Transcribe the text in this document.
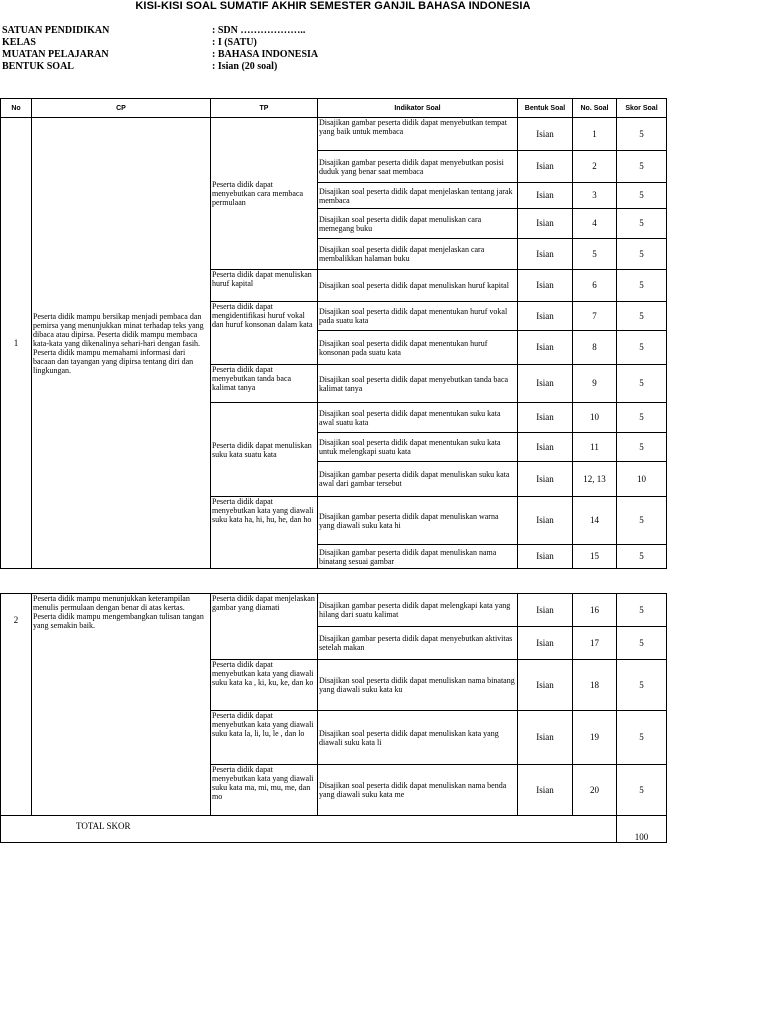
KISI-KISI SOAL SUMATIF AKHIR SEMESTER GANJIL BAHASA INDONESIA
SATUAN PENDIDIKAN	: SDN ………………..
KELAS	: I (SATU)
MUATAN PELAJARAN	: BAHASA INDONESIA
BENTUK SOAL	: Isian (20 soal)
No	CP	TP	Indikator Soal	Bentuk Soal	No. Soal	Skor Soal
1	Peserta didik mampu bersikap menjadi pembaca dan pemirsa yang menunjukkan minat terhadap teks yang dibaca atau dipirsa. Peserta didik mampu membaca kata-kata yang dikenalinya sehari-hari dengan fasih. Peserta didik mampu memahami informasi dari bacaan dan tayangan yang dipirsa tentang diri dan lingkungan.	Peserta didik dapat menyebutkan cara membaca permulaan	Disajikan gambar peserta didik dapat menyebutkan tempat yang baik untuk membaca	Isian	1	5
			Disajikan gambar peserta didik dapat menyebutkan posisi duduk yang benar saat membaca	Isian	2	5
			Disajikan soal peserta didik dapat menjelaskan tentang jarak membaca	Isian	3	5
			Disajikan soal peserta didik dapat menuliskan cara memegang buku	Isian	4	5
			Disajikan soal peserta didik dapat menjelaskan cara membalikkan halaman buku	Isian	5	5
		Peserta didik dapat menuliskan huruf kapital	Disajikan soal peserta didik dapat menuliskan huruf kapital	Isian	6	5
		Peserta didik dapat mengidentifikasi huruf vokal dan huruf konsonan dalam kata	Disajikan soal peserta didik dapat menentukan huruf vokal pada suatu kata	Isian	7	5
			Disajikan soal peserta didik dapat menentukan huruf konsonan pada suatu kata	Isian	8	5
		Peserta didik dapat menyebutkan tanda baca kalimat tanya	Disajikan soal peserta didik dapat menyebutkan tanda baca kalimat tanya	Isian	9	5
		Peserta didik dapat menuliskan suku kata suatu kata	Disajikan soal peserta didik dapat menentukan suku kata awal suatu kata	Isian	10	5
			Disajikan soal peserta didik dapat menentukan suku kata untuk melengkapi suatu kata	Isian	11	5
			Disajikan gambar peserta didik dapat menuliskan suku kata awal dari gambar tersebut	Isian	12, 13	10
		Peserta didik dapat menyebutkan kata yang diawali suku kata ha, hi, hu, he, dan ho	Disajikan gambar peserta didik dapat menuliskan warna yang diawali suku kata hi	Isian	14	5
			Disajikan gambar peserta didik dapat menuliskan nama binatang sesuai gambar	Isian	15	5
2	Peserta didik mampu menunjukkan keterampilan menulis permulaan dengan benar di atas kertas. Peserta didik mampu mengembangkan tulisan tangan yang semakin baik.	Peserta didik dapat menjelaskan gambar yang diamati	Disajikan gambar peserta didik dapat melengkapi kata yang hilang dari suatu kalimat	Isian	16	5
			Disajikan gambar peserta didik dapat menyebutkan aktivitas setelah makan	Isian	17	5
		Peserta didik dapat menyebutkan kata yang diawali suku kata ka , ki, ku, ke, dan ko	Disajikan soal peserta didik dapat menuliskan nama binatang yang diawali suku kata ku	Isian	18	5
		Peserta didik dapat menyebutkan kata yang diawali suku kata la, li, lu, le , dan lo	Disajikan soal peserta didik dapat menuliskan kata yang diawali suku kata li	Isian	19	5
		Peserta didik dapat menyebutkan kata yang diawali suku kata ma, mi, mu, me, dan mo	Disajikan soal peserta didik dapat menuliskan nama benda yang diawali suku kata me	Isian	20	5
TOTAL SKOR						100
